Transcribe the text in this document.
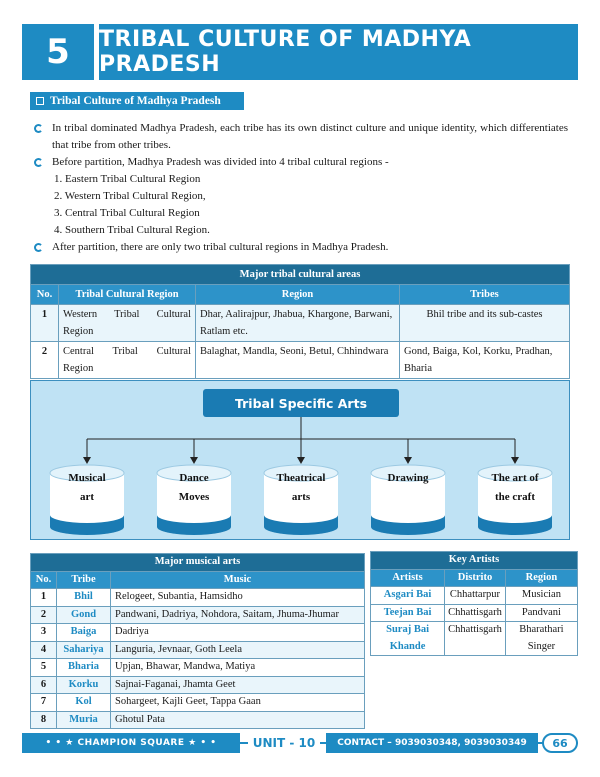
5	TRIBAL CULTURE OF MADHYA PRADESH
Tribal Culture of Madhya Pradesh
In tribal dominated Madhya Pradesh, each tribe has its own distinct culture and unique identity, which differentiates that tribe from other tribes.
Before partition, Madhya Pradesh was divided into 4 tribal cultural regions -
1. Eastern Tribal Cultural Region
2. Western Tribal Cultural Region,
3. Central Tribal Cultural Region
4. Southern Tribal Cultural Region.
After partition, there are only two tribal cultural regions in Madhya Pradesh.
Major tribal cultural areas			
No.	Tribal Cultural Region	Region	Tribes
1	Western Tribal Cultural Region	Dhar, Aalirajpur, Jhabua, Khargone, Barwani, Ratlam etc.	Bhil tribe and its sub-castes
2	Central Tribal Cultural Region	Balaghat, Mandla, Seoni, Betul, Chhindwara	Gond, Baiga, Kol, Korku, Pradhan, Bharia
Tribal Specific Arts
Musical
art
Dance
Moves
Theatrical
arts
Drawing	The art of
the craft
Major musical arts		
No.	Tribe	Music
1	Bhil	Relogeet, Subantia, Hamsidho
2	Gond	Pandwani, Dadriya, Nohdora, Saitam, Jhuma-Jhumar
3	Baiga	Dadriya
4	Sahariya	Languria, Jevnaar, Goth Leela
5	Bharia	Upjan, Bhawar, Mandwa, Matiya
6	Korku	Sajnai-Faganai, Jhamta Geet
7	Kol	Sohargeet, Kajli Geet, Tappa Gaan
8	Muria	Ghotul Pata
Key Artists		
Artists	Distrito	Region
Asgari Bai	Chhattarpur	Musician
Teejan Bai	Chhattisgarh	Pandvani
Suraj Bai Khande	Chhattisgarh	Bharathari Singer
• • ★ CHAMPION SQUARE ★ • •	UNIT - 10	CONTACT – 9039030348, 9039030349	66
